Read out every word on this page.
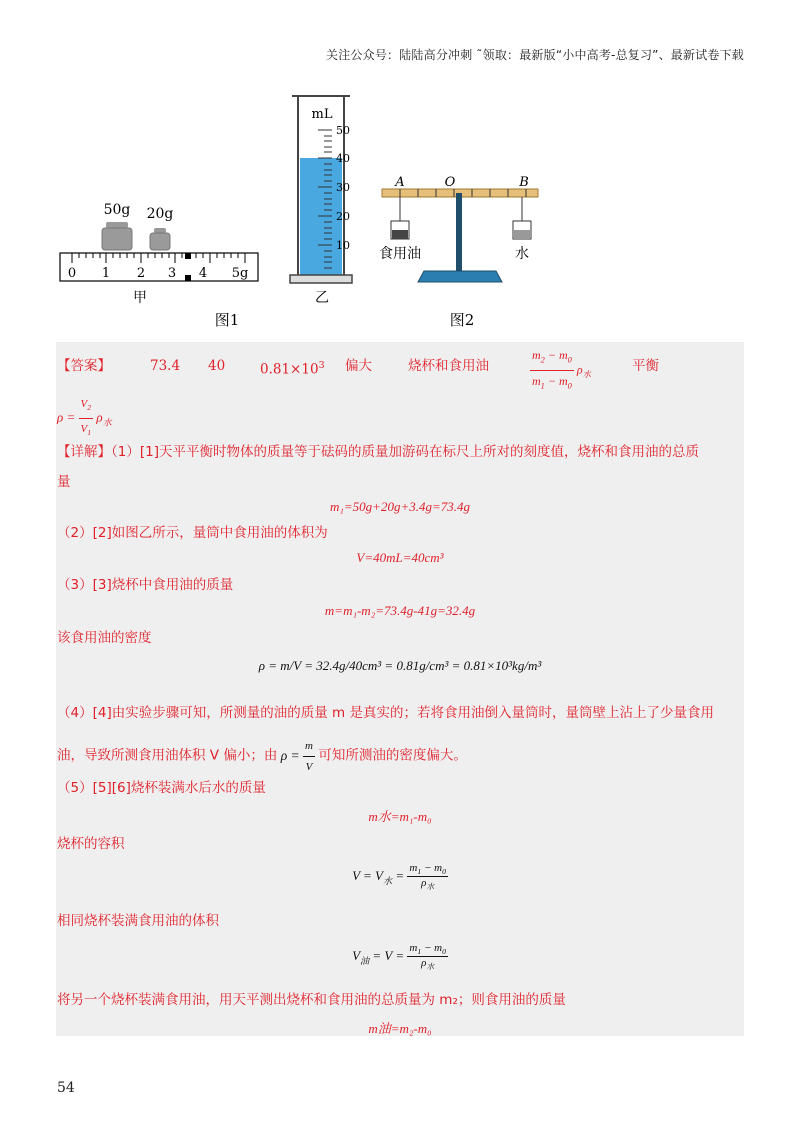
关注公众号：陆陆高分冲刺 ˜领取：最新版“小中高考-总复习”、最新试卷下载
0 1 2 3 4 5g
50g 20g
甲
mL
50
40
30
20
10
乙
图1
A	O	B
食用油	水
图2
【答案】	73.4 40	$0.81\times 10^3$ 偏大	烧杯和食用油	$\frac{m_2 - m_0}{m_1 - m_0} \rho_水$
平衡
$\rho = \frac{V_2}{V_1} \rho_水$
【详解】（1）[1]天平平衡时物体的质量等于砝码的质量加游码在标尺上所对的刻度值，烧杯和食用油的总质
量
m₁=50g+20g+3.4g=73.4g
（2）[2]如图乙所示，量筒中食用油的体积为
V=40mL=40cm³
（3）[3]烧杯中食用油的质量
m=m₁-m₂=73.4g-41g=32.4g
该食用油的密度
ρ = m/V = 32.4g/40cm³ = 0.81g/cm³ = 0.81×10³kg/m³
（4）[4]由实验步骤可知，所测量的油的质量 m 是真实的；若将食用油倒入量筒时，量筒壁上沾上了少量食用
油，导致所测食用油体积 V 偏小；由 $\rho = \frac{m}{V}$ 可知所测油的密度偏大。
（5）[5][6]烧杯装满水后水的质量
m水=m₁-m₀
烧杯的容积
$V = V_水 = \frac{m_1 - m_0}{\rho_水}$
相同烧杯装满食用油的体积
$V_油 = V = \frac{m_1 - m_0}{\rho_水}$
将另一个烧杯装满食用油，用天平测出烧杯和食用油的总质量为 m₂；则食用油的质量
m油=m₂-m₀
54
